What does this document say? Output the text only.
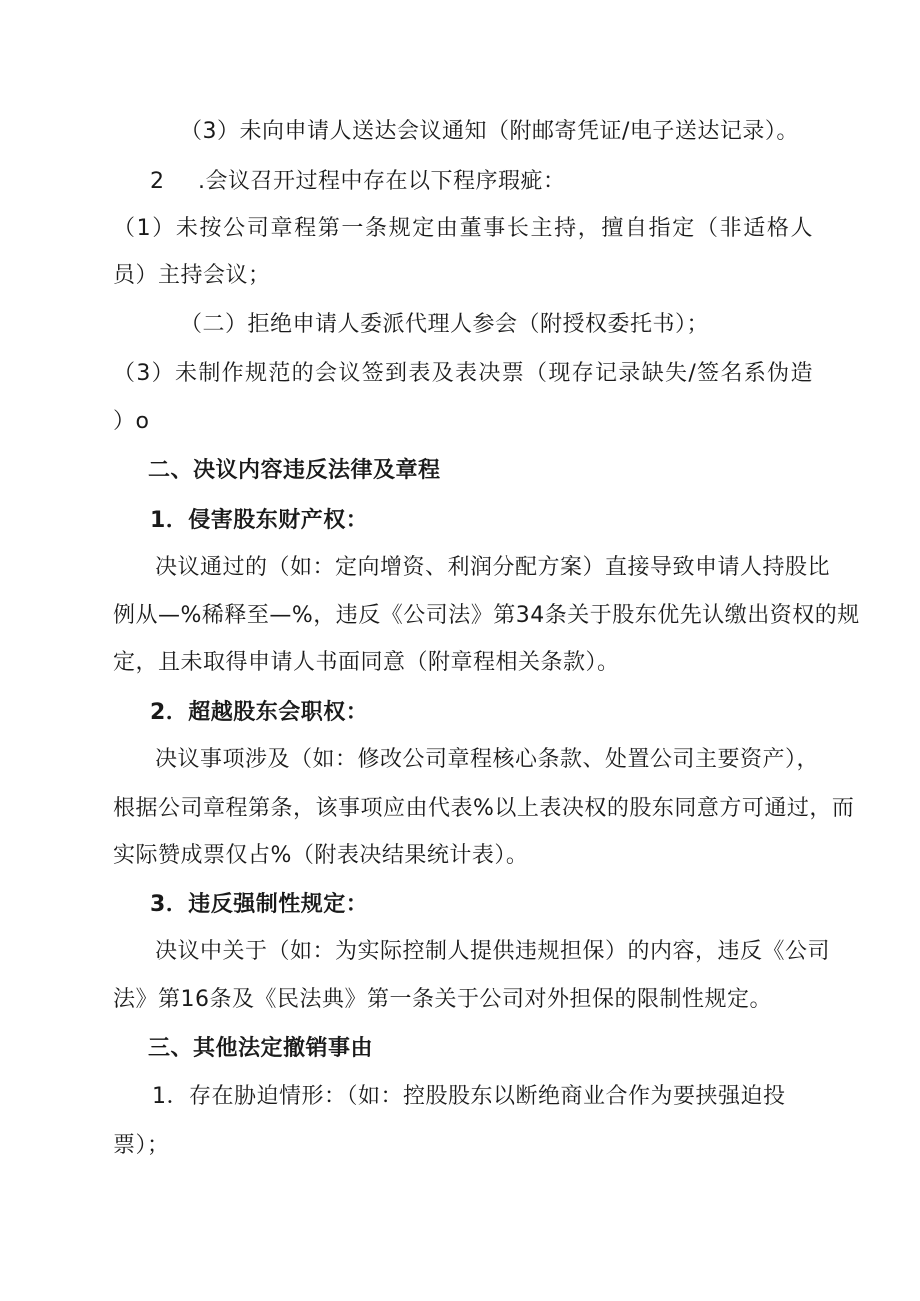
（3）未向申请人送达会议通知（附邮寄凭证/电子送达记录）。

2 .会议召开过程中存在以下程序瑕疵：

（1）未按公司章程第一条规定由董事长主持，擅自指定（非适格人

员）主持会议；

（二）拒绝申请人委派代理人参会（附授权委托书）；

（3）未制作规范的会议签到表及表决票（现存记录缺失/签名系伪造

）o

二、决议内容违反法律及章程

1．侵害股东财产权：

决议通过的（如：定向增资、利润分配方案）直接导致申请人持股比

例从—%稀释至—%，违反《公司法》第34条关于股东优先认缴出资权的规

定，且未取得申请人书面同意（附章程相关条款）。

2．超越股东会职权：

决议事项涉及（如：修改公司章程核心条款、处置公司主要资产），

根据公司章程第条，该事项应由代表%以上表决权的股东同意方可通过，而

实际赞成票仅占%（附表决结果统计表）。

3．违反强制性规定：

决议中关于（如：为实际控制人提供违规担保）的内容，违反《公司

法》第16条及《民法典》第一条关于公司对外担保的限制性规定。

三、其他法定撤销事由

1．存在胁迫情形：（如：控股股东以断绝商业合作为要挟强迫投

票）；
